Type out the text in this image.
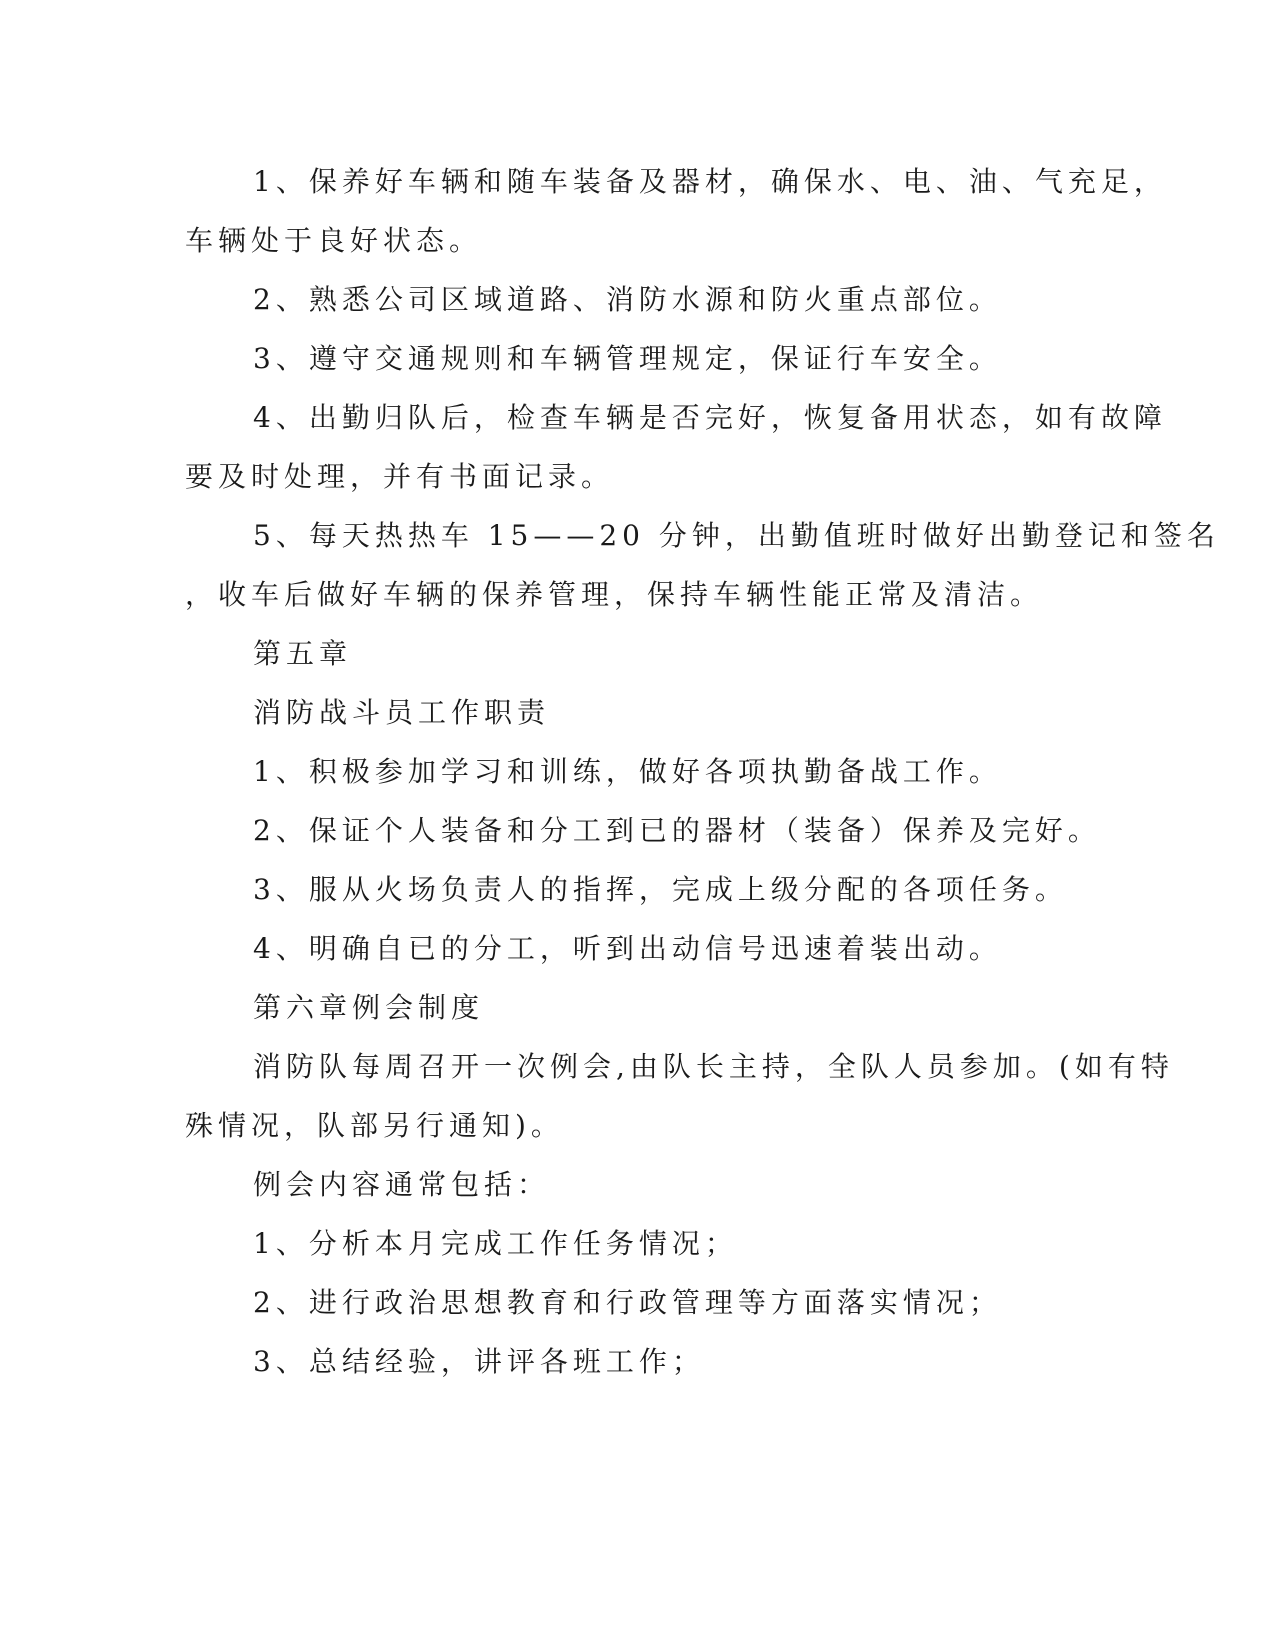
1、保养好车辆和随车装备及器材，确保水、电、油、气充足，
车辆处于良好状态。
2、熟悉公司区域道路、消防水源和防火重点部位。
3、遵守交通规则和车辆管理规定，保证行车安全。
4、出勤归队后，检查车辆是否完好，恢复备用状态，如有故障
要及时处理，并有书面记录。
5、每天热热车 15——20 分钟，出勤值班时做好出勤登记和签名
，收车后做好车辆的保养管理，保持车辆性能正常及清洁。
第五章
消防战斗员工作职责
1、积极参加学习和训练，做好各项执勤备战工作。
2、保证个人装备和分工到已的器材（装备）保养及完好。
3、服从火场负责人的指挥，完成上级分配的各项任务。
4、明确自已的分工，听到出动信号迅速着装出动。
第六章例会制度
消防队每周召开一次例会,由队长主持，全队人员参加。(如有特
殊情况，队部另行通知)。
例会内容通常包括：
1、分析本月完成工作任务情况；
2、进行政治思想教育和行政管理等方面落实情况；
3、总结经验，讲评各班工作；
